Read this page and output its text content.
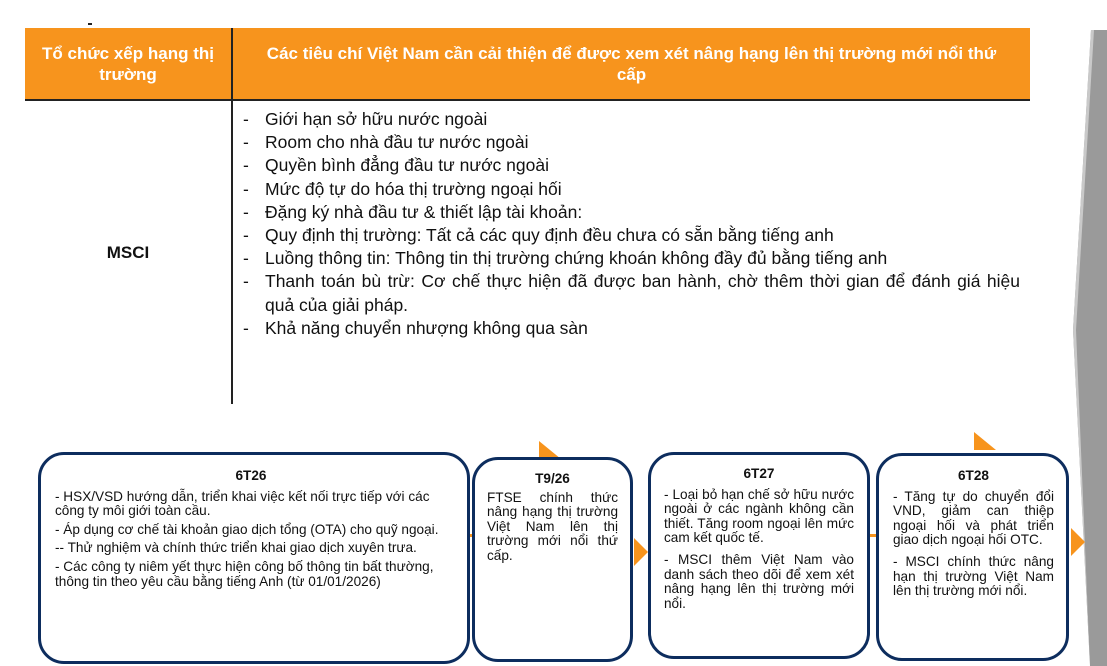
Tổ chức xếp hạng thị trường
Các tiêu chí Việt Nam cần cải thiện để được xem xét nâng hạng lên thị trường mới nổi thứ cấp
MSCI
- Giới hạn sở hữu nước ngoài
- Room cho nhà đầu tư nước ngoài
- Quyền bình đẳng đầu tư nước ngoài
- Mức độ tự do hóa thị trường ngoại hối
- Đặng ký nhà đầu tư & thiết lập tài khoản:
- Quy định thị trường: Tất cả các quy định đều chưa có sẵn bằng tiếng anh
- Luồng thông tin: Thông tin thị trường chứng khoán không đầy đủ bằng tiếng anh
- Thanh toán bù trừ: Cơ chế thực hiện đã được ban hành, chờ thêm thời gian để đánh giá hiệu quả của giải pháp.
- Khả năng chuyển nhượng không qua sàn
6T26

- HSX/VSD hướng dẫn, triển khai việc kết nối trực tiếp với các công ty môi giới toàn cầu.

- Áp dụng cơ chế tài khoản giao dịch tổng (OTA) cho quỹ ngoại.

-- Thử nghiệm và chính thức triển khai giao dịch xuyên trưa.

- Các công ty niêm yết thực hiện công bố thông tin bất thường, thông tin theo yêu cầu bằng tiếng Anh (từ 01/01/2026)

T9/26

FTSE chính thức nâng hạng thị trường Việt Nam lên thị trường mới nổi thứ cấp.

6T27

- Loại bỏ hạn chế sở hữu nước ngoài ở các ngành không cần thiết. Tăng room ngoại lên mức cam kết quốc tế.

- MSCI thêm Việt Nam vào danh sách theo dõi để xem xét nâng hạng lên thị trường mới nổi.

6T28

- Tăng tự do chuyển đổi VND, giảm can thiệp ngoại hối và phát triển giao dịch ngoại hối OTC.

- MSCI chính thức nâng hạn thị trường Việt Nam lên thị trường mới nổi.
